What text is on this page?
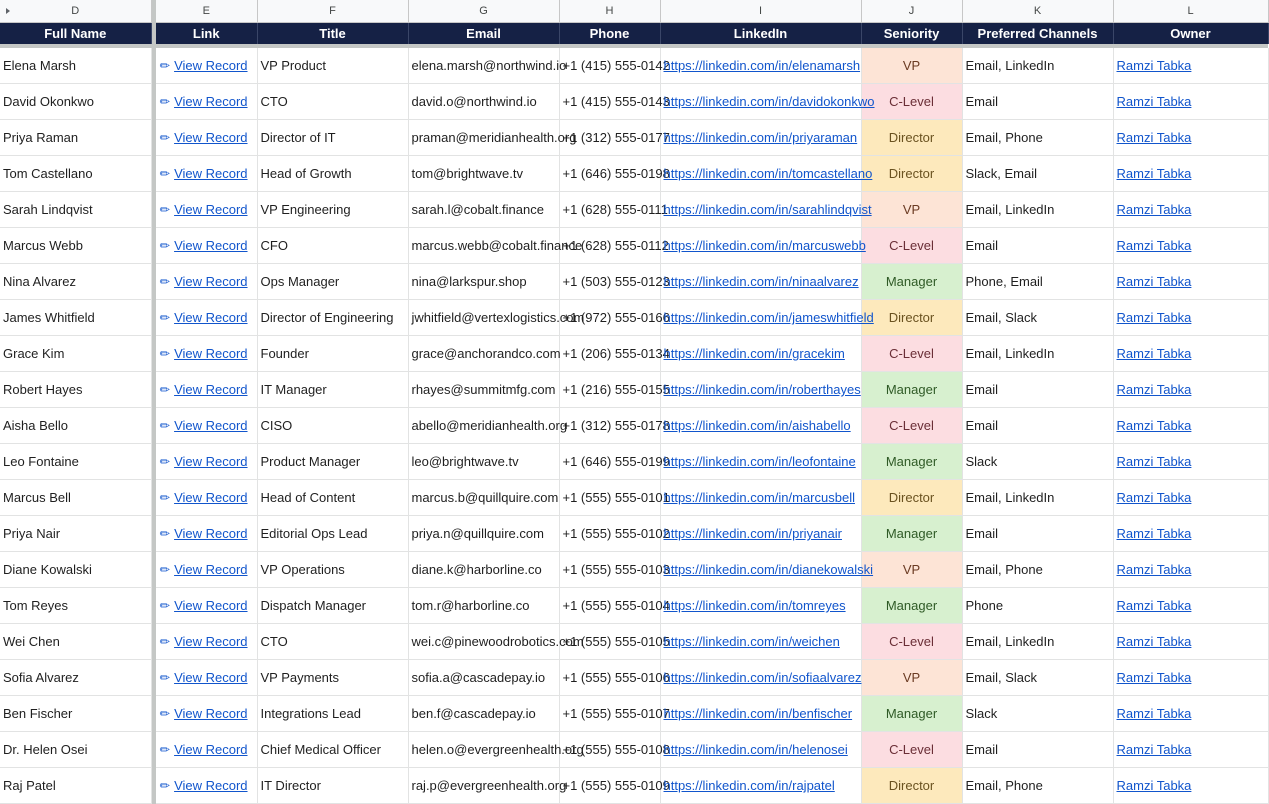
D		E	F	G	H	I	J	K	L
Full Name		Link	Title	Email	Phone	LinkedIn	Seniority	Preferred Channels	Owner

Elena Marsh		✐ View Record	VP Product	elena.marsh@northwind.io	+1 (415) 555-0142	https://linkedin.com/in/elenamarsh	VP	Email, LinkedIn	Ramzi Tabka
David Okonkwo		✐ View Record	CTO	david.o@northwind.io	+1 (415) 555-0143	https://linkedin.com/in/davidokonkwo	C-Level	Email	Ramzi Tabka
Priya Raman		✐ View Record	Director of IT	praman@meridianhealth.org	+1 (312) 555-0177	https://linkedin.com/in/priyaraman	Director	Email, Phone	Ramzi Tabka
Tom Castellano		✐ View Record	Head of Growth	tom@brightwave.tv	+1 (646) 555-0198	https://linkedin.com/in/tomcastellano	Director	Slack, Email	Ramzi Tabka
Sarah Lindqvist		✐ View Record	VP Engineering	sarah.l@cobalt.finance	+1 (628) 555-0111	https://linkedin.com/in/sarahlindqvist	VP	Email, LinkedIn	Ramzi Tabka
Marcus Webb		✐ View Record	CFO	marcus.webb@cobalt.finance	+1 (628) 555-0112	https://linkedin.com/in/marcuswebb	C-Level	Email	Ramzi Tabka
Nina Alvarez		✐ View Record	Ops Manager	nina@larkspur.shop	+1 (503) 555-0123	https://linkedin.com/in/ninaalvarez	Manager	Phone, Email	Ramzi Tabka
James Whitfield		✐ View Record	Director of Engineering	jwhitfield@vertexlogistics.com	+1 (972) 555-0166	https://linkedin.com/in/jameswhitfield	Director	Email, Slack	Ramzi Tabka
Grace Kim		✐ View Record	Founder	grace@anchorandco.com	+1 (206) 555-0134	https://linkedin.com/in/gracekim	C-Level	Email, LinkedIn	Ramzi Tabka
Robert Hayes		✐ View Record	IT Manager	rhayes@summitmfg.com	+1 (216) 555-0155	https://linkedin.com/in/roberthayes	Manager	Email	Ramzi Tabka
Aisha Bello		✐ View Record	CISO	abello@meridianhealth.org	+1 (312) 555-0178	https://linkedin.com/in/aishabello	C-Level	Email	Ramzi Tabka
Leo Fontaine		✐ View Record	Product Manager	leo@brightwave.tv	+1 (646) 555-0199	https://linkedin.com/in/leofontaine	Manager	Slack	Ramzi Tabka
Marcus Bell		✐ View Record	Head of Content	marcus.b@quillquire.com	+1 (555) 555-0101	https://linkedin.com/in/marcusbell	Director	Email, LinkedIn	Ramzi Tabka
Priya Nair		✐ View Record	Editorial Ops Lead	priya.n@quillquire.com	+1 (555) 555-0102	https://linkedin.com/in/priyanair	Manager	Email	Ramzi Tabka
Diane Kowalski		✐ View Record	VP Operations	diane.k@harborline.co	+1 (555) 555-0103	https://linkedin.com/in/dianekowalski	VP	Email, Phone	Ramzi Tabka
Tom Reyes		✐ View Record	Dispatch Manager	tom.r@harborline.co	+1 (555) 555-0104	https://linkedin.com/in/tomreyes	Manager	Phone	Ramzi Tabka
Wei Chen		✐ View Record	CTO	wei.c@pinewoodrobotics.com	+1 (555) 555-0105	https://linkedin.com/in/weichen	C-Level	Email, LinkedIn	Ramzi Tabka
Sofia Alvarez		✐ View Record	VP Payments	sofia.a@cascadepay.io	+1 (555) 555-0106	https://linkedin.com/in/sofiaalvarez	VP	Email, Slack	Ramzi Tabka
Ben Fischer		✐ View Record	Integrations Lead	ben.f@cascadepay.io	+1 (555) 555-0107	https://linkedin.com/in/benfischer	Manager	Slack	Ramzi Tabka
Dr. Helen Osei		✐ View Record	Chief Medical Officer	helen.o@evergreenhealth.org	+1 (555) 555-0108	https://linkedin.com/in/helenosei	C-Level	Email	Ramzi Tabka
Raj Patel		✐ View Record	IT Director	raj.p@evergreenhealth.org	+1 (555) 555-0109	https://linkedin.com/in/rajpatel	Director	Email, Phone	Ramzi Tabka
